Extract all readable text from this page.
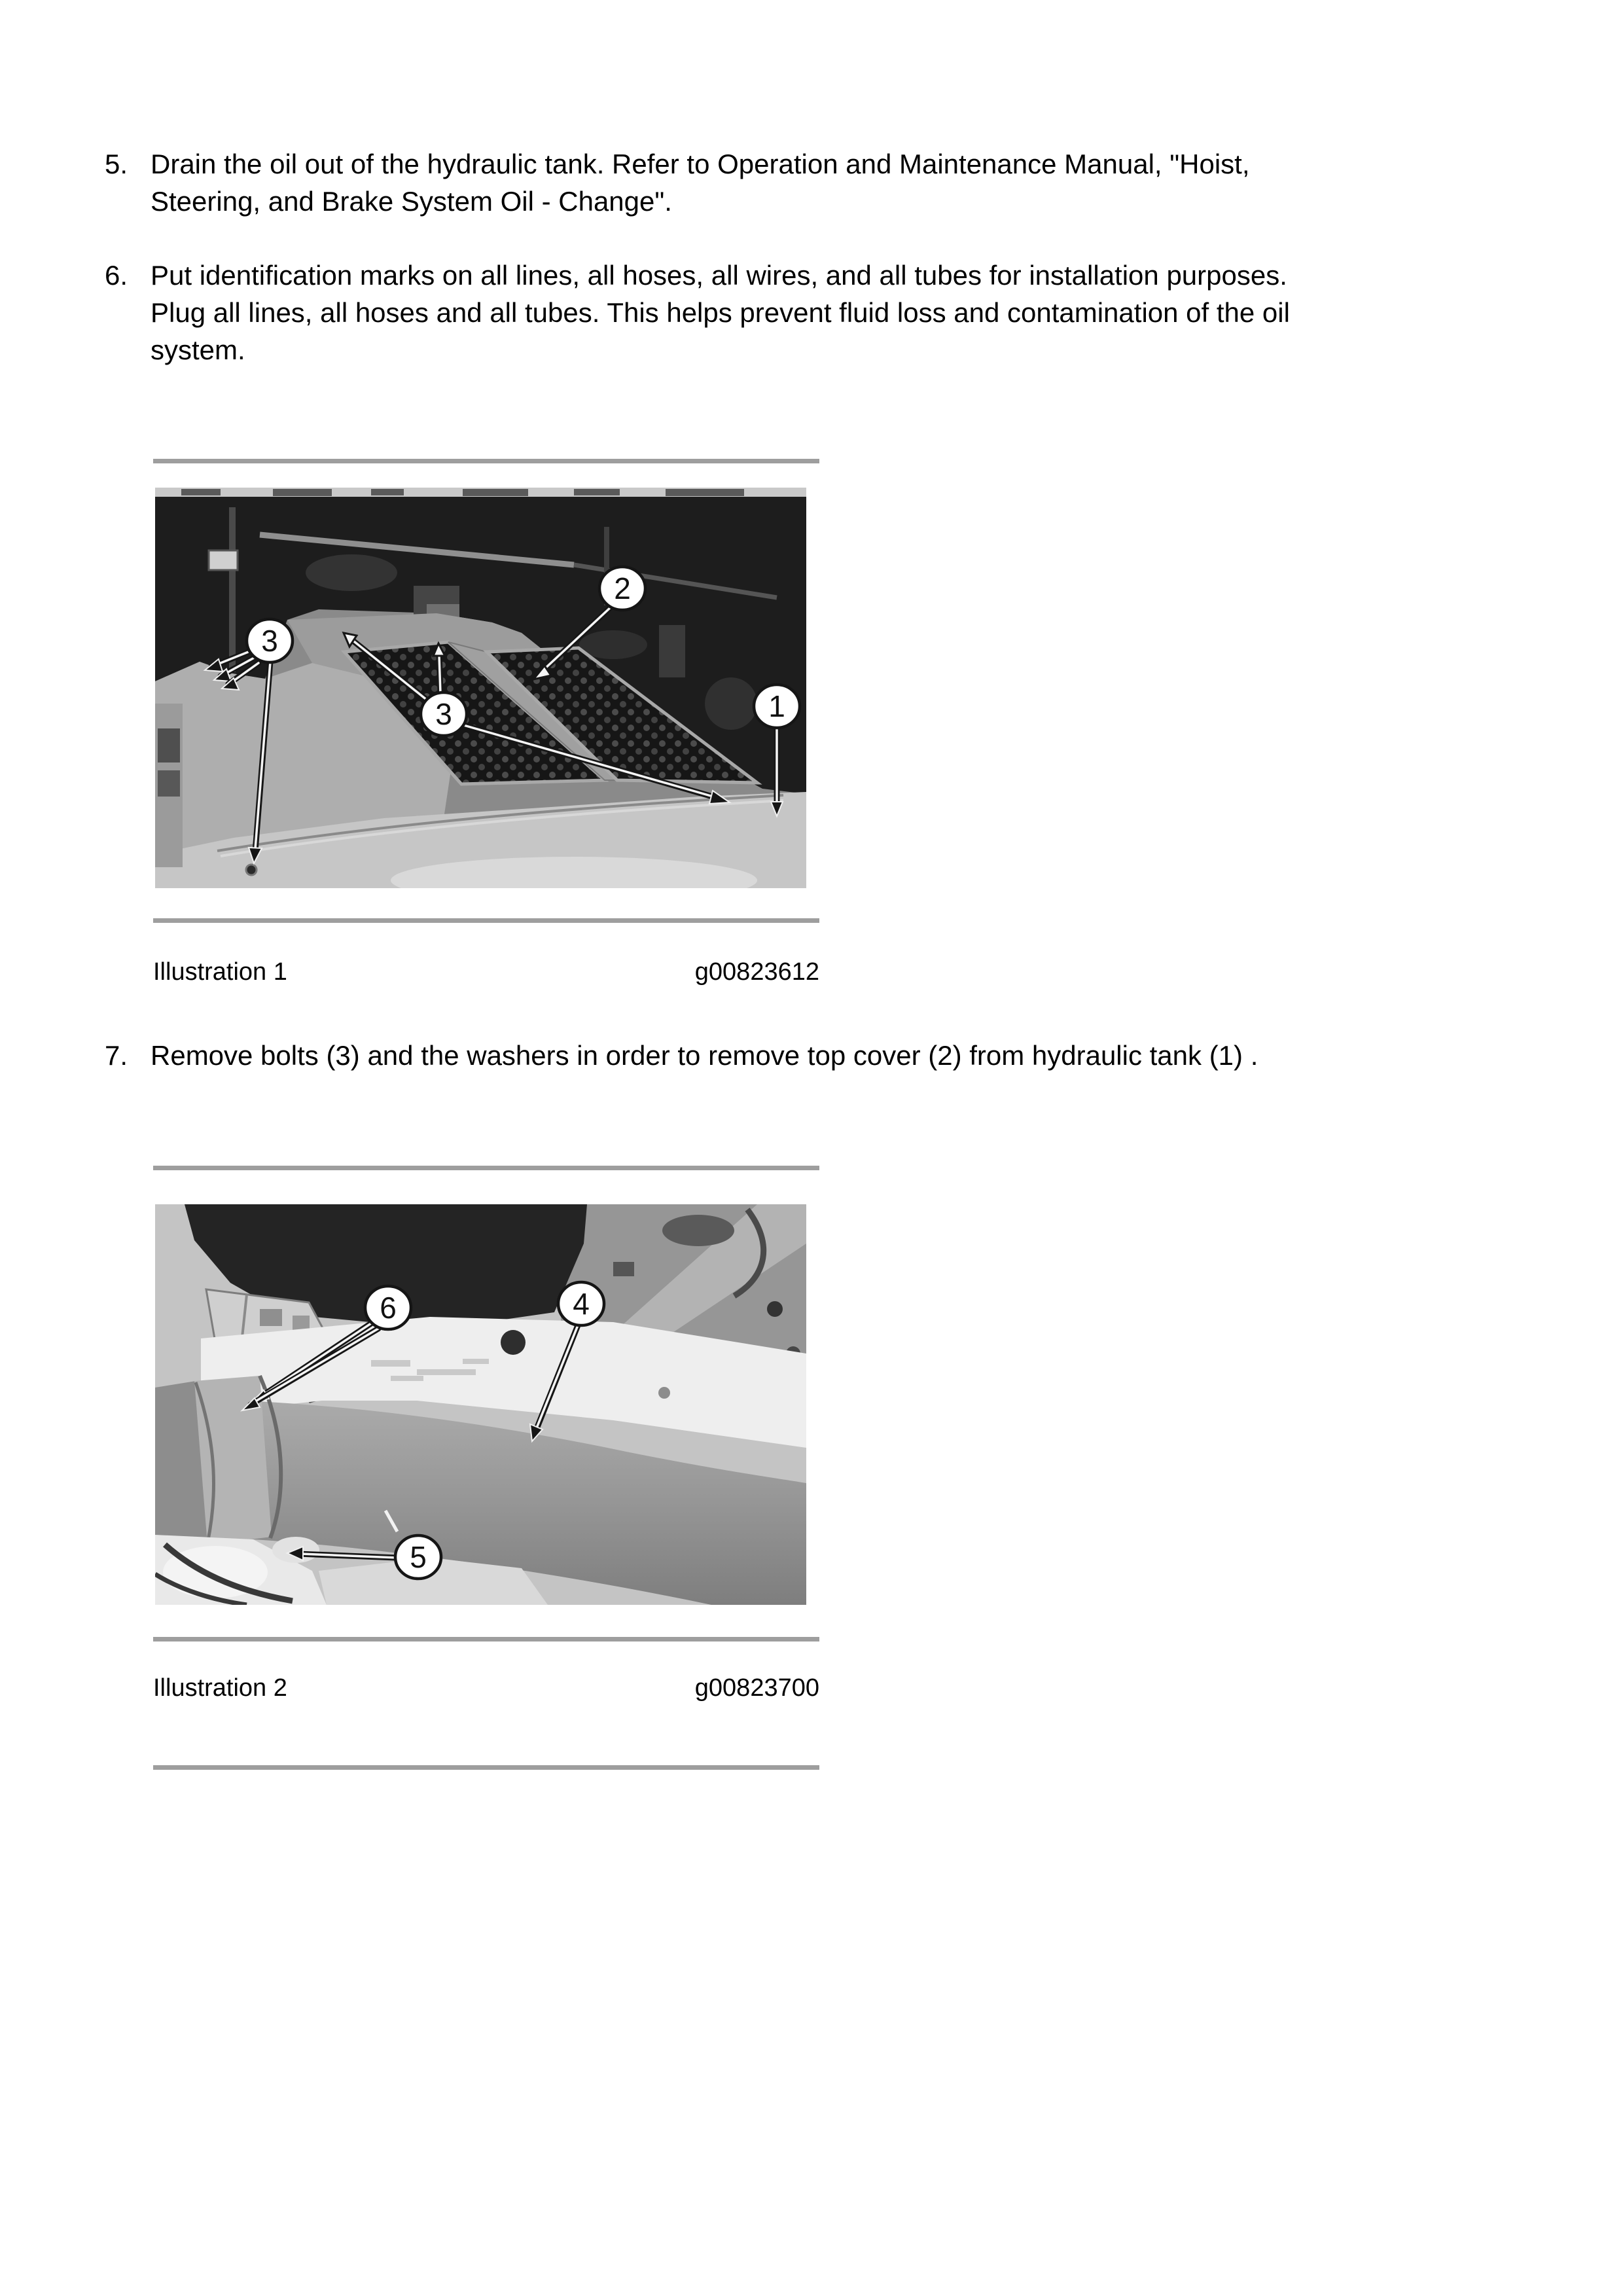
5. Drain the oil out of the hydraulic tank. Refer to Operation and Maintenance Manual, "Hoist,
Steering, and Brake System Oil - Change".
6. Put identification marks on all lines, all hoses, all wires, and all tubes for installation purposes.
Plug all lines, all hoses and all tubes. This helps prevent fluid loss and contamination of the oil
system.
3
3
2
1
Illustration 1	g00823612
7. Remove bolts (3) and the washers in order to remove top cover (2) from hydraulic tank (1) .
6	4
5
Illustration 2	g00823700
